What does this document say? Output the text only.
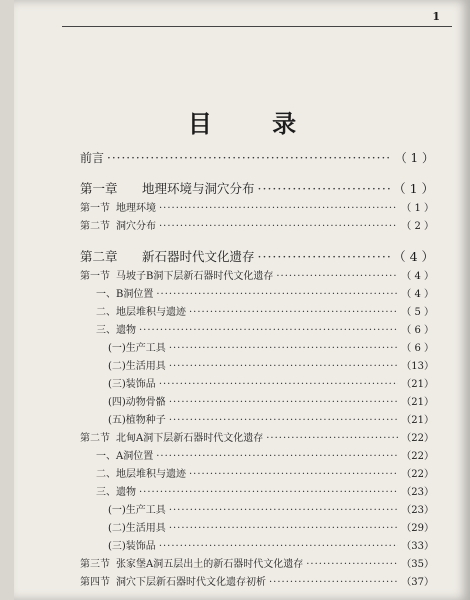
1
目 录
前言 ·····	（ 1 ）
第一章 地理环境与洞穴分布 ·····	（ 1 ）
第一节 地理环境 ·····	（ 1 ）
第二节 洞穴分布 ·····	（ 2 ）
第二章 新石器时代文化遗存 ·····	（ 4 ）
第一节 马坡子B洞下层新石器时代文化遗存 ·····	（ 4 ）
一、B洞位置 ·····	（ 4 ）
二、地层堆积与遗迹 ·····	（ 5 ）
三、遗物 ·····	（ 6 ）
(一)生产工具 ·····	（ 6 ）
(二)生活用具 ·····	（13）
(三)装饰品 ·····	（21）
(四)动物骨骼 ·····	（21）
(五)植物种子 ·····	（21）
第二节 北甸A洞下层新石器时代文化遗存 ·····	（22）
一、A洞位置 ·····	（22）
二、地层堆积与遗迹 ·····	（22）
三、遗物 ·····	（23）
(一)生产工具 ·····	（23）
(二)生活用具 ·····	（29）
(三)装饰品 ·····	（33）
第三节 张家堡A洞五层出土的新石器时代文化遗存 ·····	（35）
第四节 洞穴下层新石器时代文化遗存初析 ·····	（37）
